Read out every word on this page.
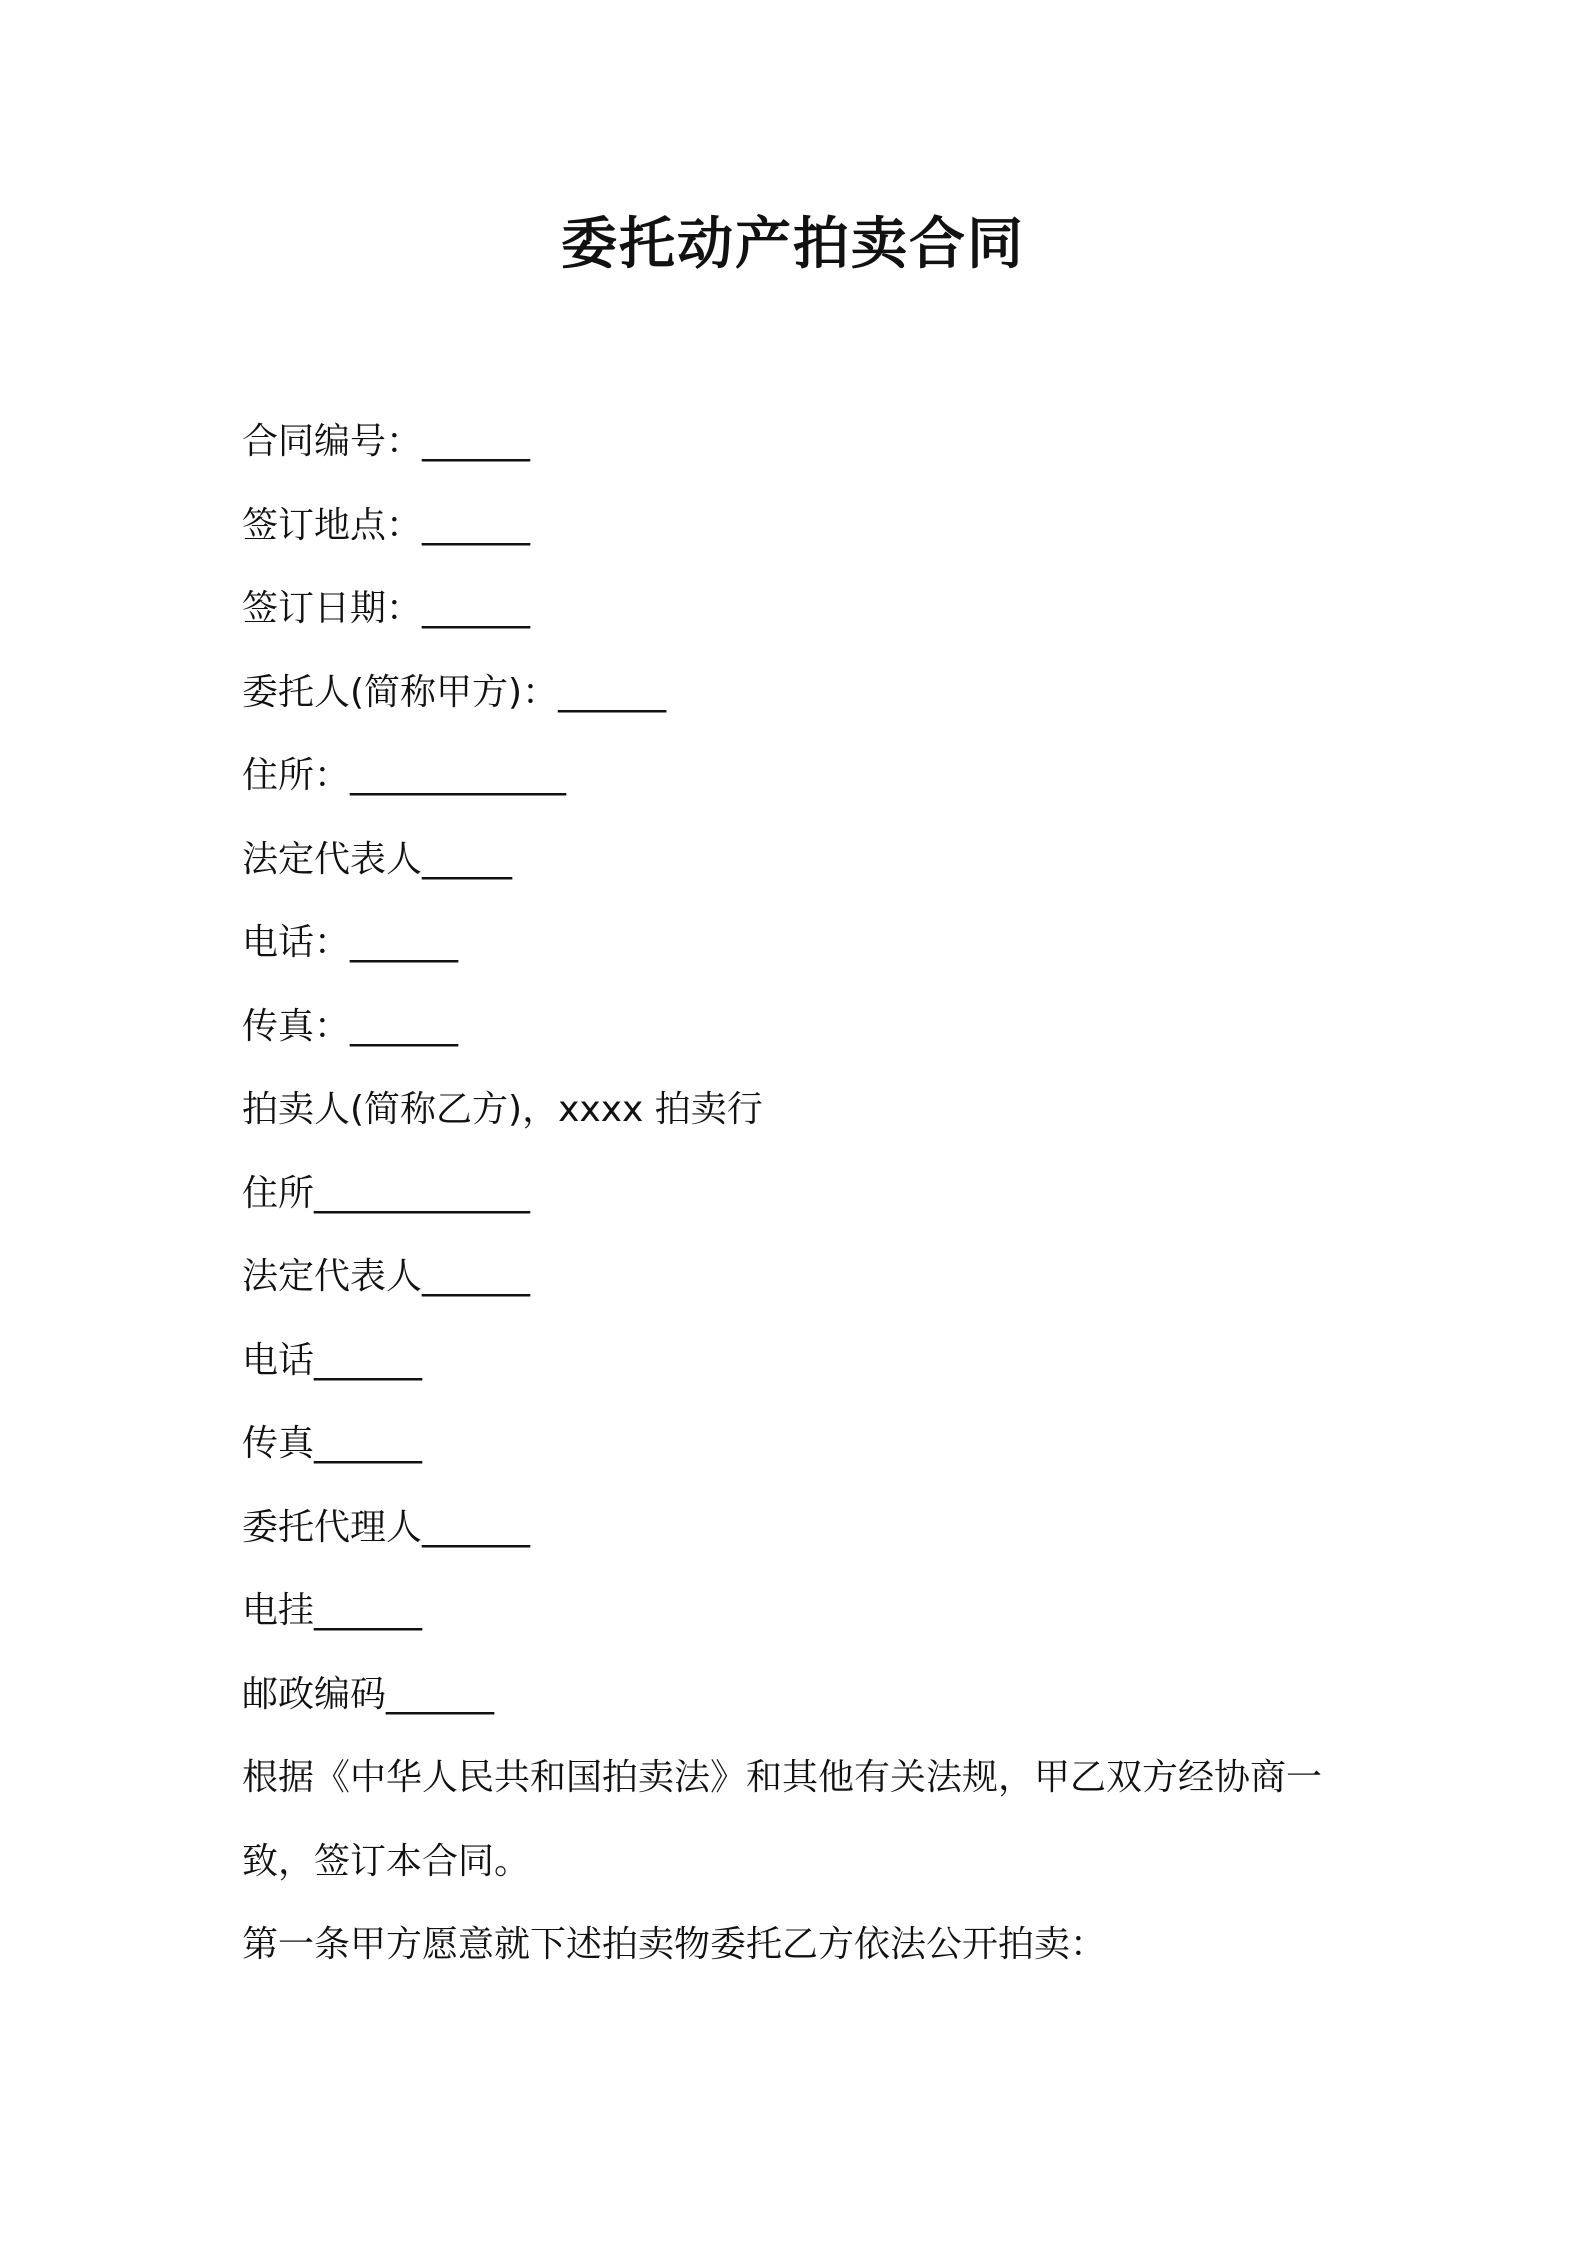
委托动产拍卖合同
合同编号：______
签订地点：______
签订日期：______
委托人(简称甲方)：______
住所：____________
法定代表人_____
电话：______
传真：______
拍卖人(简称乙方)，xxxx 拍卖行
住所____________
法定代表人______
电话______
传真______
委托代理人______
电挂______
邮政编码______
根据《中华人民共和国拍卖法》和其他有关法规，甲乙双方经协商一致，签订本合同。
第一条甲方愿意就下述拍卖物委托乙方依法公开拍卖：
